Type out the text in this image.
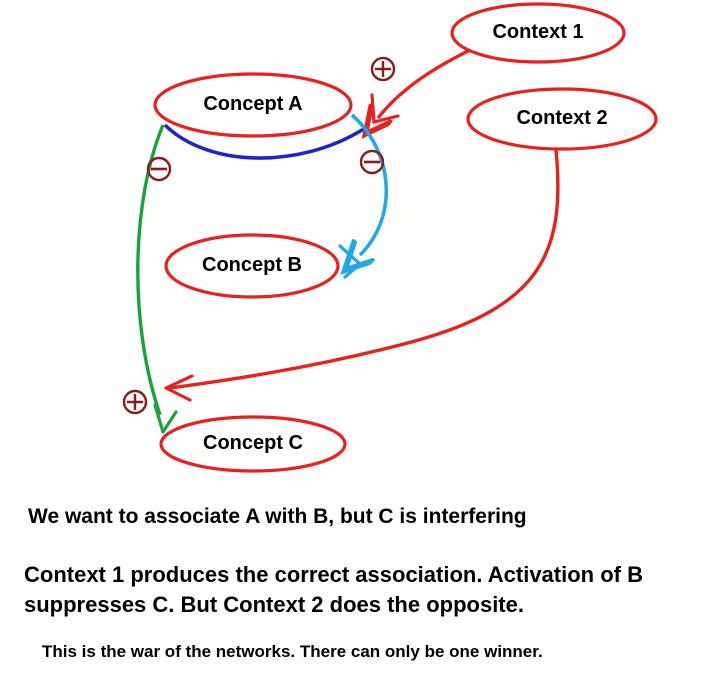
Concept A
Concept B
Concept C
Context 1
Context 2
We want to associate A with B, but C is interfering
Context 1 produces the correct association. Activation of B suppresses C. But Context 2 does the opposite.
This is the war of the networks. There can only be one winner.
